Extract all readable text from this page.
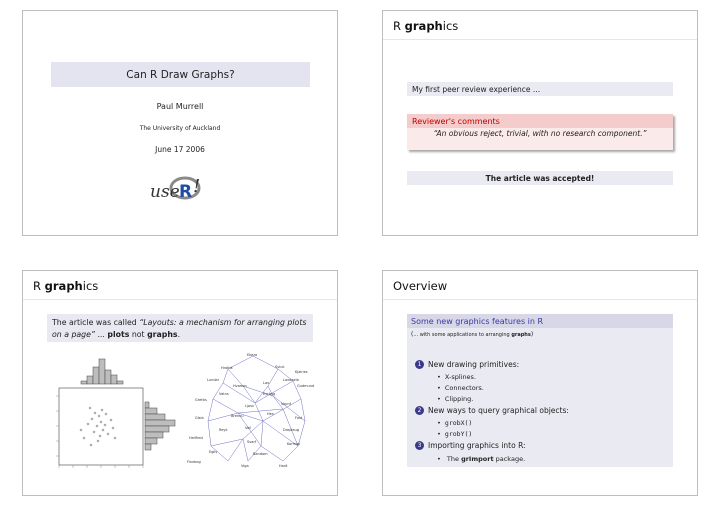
Can R Draw Graphs?
Paul Murrell
The University of Auckland
June 17 2006
use R !
R graphics
My first peer review experience ...
Reviewer's comments
“An obvious reject, trivial, with no research component.”
The article was accepted!
R graphics
The article was called “Layouts: a mechanism for arranging plots on a page” ... plots not graphs.
Ebara
Hrafnk	Sviuk
Kjalnes
Lundar
Hvamm
Lax
Laxdaela
Gudmund
Vatns	Eyrbyg
Grettis
Ljosv	Vopnf
Gisla	Brennu	Hen
Fost
Reyk	Vall	Droplaug
Hallfred
Svarf	Kormak
Egils	Bandam
Finnbog
Viga	Harð
Overview
Some new graphics features in R
(... with some applications to arranging graphs)
1 New drawing primitives:
• X-splines.
• Connectors.
• Clipping.
2 New ways to query graphical objects:
• grobX()
• grobY()
3 Importing graphics into R:
• The grImport package.
